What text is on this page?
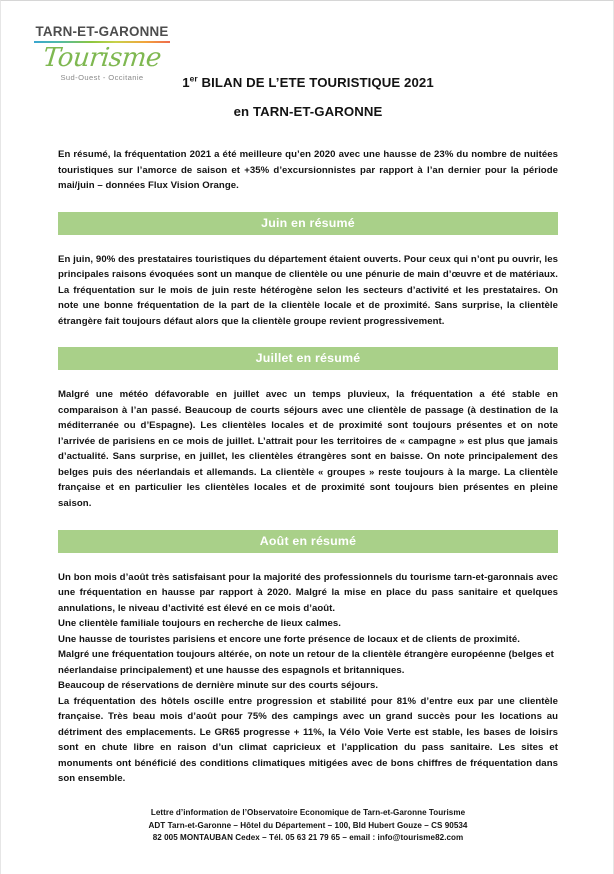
TARN-ET-GARONNE
Tourisme
Sud-Ouest - Occitanie	1er BILAN DE L’ETE TOURISTIQUE 2021
en TARN-ET-GARONNE

En résumé, la fréquentation 2021 a été meilleure qu’en 2020 avec une hausse de 23% du nombre de nuitées touristiques sur l’amorce de saison et +35% d’excursionnistes par rapport à l’an dernier pour la période mai/juin – données Flux Vision Orange.

Juin en résumé

En juin, 90% des prestataires touristiques du département étaient ouverts. Pour ceux qui n’ont pu ouvrir, les principales raisons évoquées sont un manque de clientèle ou une pénurie de main d’œuvre et de matériaux. La fréquentation sur le mois de juin reste hétérogène selon les secteurs d’activité et les prestataires. On note une bonne fréquentation de la part de la clientèle locale et de proximité. Sans surprise, la clientèle étrangère fait toujours défaut alors que la clientèle groupe revient progressivement.

Juillet en résumé

Malgré une météo défavorable en juillet avec un temps pluvieux, la fréquentation a été stable en comparaison à l’an passé. Beaucoup de courts séjours avec une clientèle de passage (à destination de la méditerranée ou d’Espagne). Les clientèles locales et de proximité sont toujours présentes et on note l’arrivée de parisiens en ce mois de juillet. L’attrait pour les territoires de « campagne » est plus que jamais d’actualité. Sans surprise, en juillet, les clientèles étrangères sont en baisse. On note principalement des belges puis des néerlandais et allemands. La clientèle « groupes » reste toujours à la marge. La clientèle française et en particulier les clientèles locales et de proximité sont toujours bien présentes en pleine saison.

Août en résumé

Un bon mois d’août très satisfaisant pour la majorité des professionnels du tourisme tarn-et-garonnais avec une fréquentation en hausse par rapport à 2020. Malgré la mise en place du pass sanitaire et quelques annulations, le niveau d’activité est élevé en ce mois d’août.

Une clientèle familiale toujours en recherche de lieux calmes.

Une hausse de touristes parisiens et encore une forte présence de locaux et de clients de proximité.

Malgré une fréquentation toujours altérée, on note un retour de la clientèle étrangère européenne (belges et néerlandaise principalement) et une hausse des espagnols et britanniques.

Beaucoup de réservations de dernière minute sur des courts séjours.

La fréquentation des hôtels oscille entre progression et stabilité pour 81% d’entre eux par une clientèle française. Très beau mois d’août pour 75% des campings avec un grand succès pour les locations au détriment des emplacements. Le GR65 progresse + 11%, la Vélo Voie Verte est stable, les bases de loisirs sont en chute libre en raison d’un climat capricieux et l’application du pass sanitaire. Les sites et monuments ont bénéficié des conditions climatiques mitigées avec de bons chiffres de fréquentation dans son ensemble.

Lettre d’information de l’Observatoire Economique de Tarn-et-Garonne Tourisme
ADT Tarn-et-Garonne – Hôtel du Département – 100, Bld Hubert Gouze – CS 90534
82 005 MONTAUBAN Cedex – Tél. 05 63 21 79 65 – email : info@tourisme82.com
